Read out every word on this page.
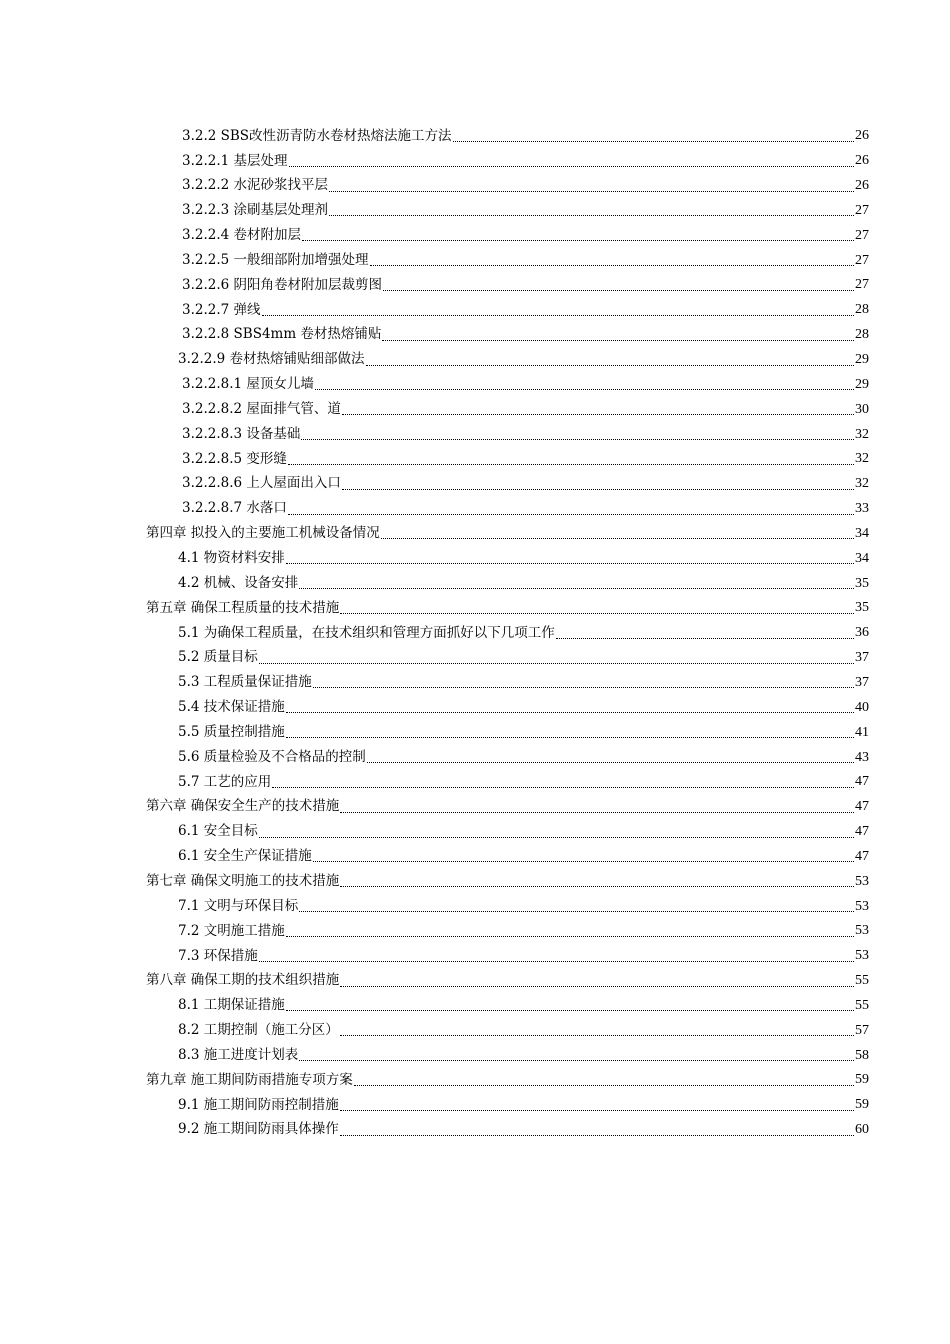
3.2.2 SBS改性沥青防水卷材热熔法施工方法	26
3.2.2.1 基层处理	26
3.2.2.2 水泥砂浆找平层	26
3.2.2.3 涂刷基层处理剂	27
3.2.2.4 卷材附加层	27
3.2.2.5 一般细部附加增强处理	27
3.2.2.6 阴阳角卷材附加层裁剪图	27
3.2.2.7 弹线	28
3.2.2.8 SBS4mm 卷材热熔铺贴	28
3.2.2.9 卷材热熔铺贴细部做法	29
3.2.2.8.1 屋顶女儿墙	29
3.2.2.8.2 屋面排气管、道	30
3.2.2.8.3 设备基础	32
3.2.2.8.5 变形缝	32
3.2.2.8.6 上人屋面出入口	32
3.2.2.8.7 水落口	33
第四章 拟投入的主要施工机械设备情况	34
4.1 物资材料安排	34
4.2 机械、设备安排	35
第五章 确保工程质量的技术措施	35
5.1 为确保工程质量，在技术组织和管理方面抓好以下几项工作	36
5.2 质量目标	37
5.3 工程质量保证措施	37
5.4 技术保证措施	40
5.5 质量控制措施	41
5.6 质量检验及不合格品的控制	43
5.7 工艺的应用	47
第六章 确保安全生产的技术措施	47
6.1 安全目标	47
6.1 安全生产保证措施	47
第七章 确保文明施工的技术措施	53
7.1 文明与环保目标	53
7.2 文明施工措施	53
7.3 环保措施	53
第八章 确保工期的技术组织措施	55
8.1 工期保证措施	55
8.2 工期控制（施工分区）	57
8.3 施工进度计划表	58
第九章 施工期间防雨措施专项方案	59
9.1 施工期间防雨控制措施	59
9.2 施工期间防雨具体操作	60
